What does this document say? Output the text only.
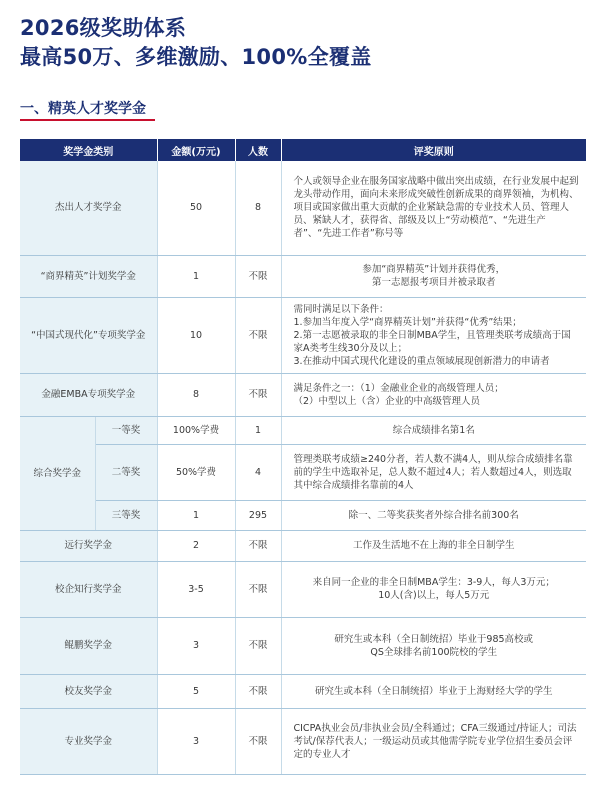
2026级奖助体系
最高50万、多维激励、100%全覆盖
一、精英人才奖学金
奖学金类别		金额(万元)	人数	评奖原则
杰出人才奖学金		50	8	个人或领导企业在服务国家战略中做出突出成绩，在行业发展中起到龙头带动作用，面向未来形成突破性创新成果的商界领袖，为机构、项目或国家做出重大贡献的企业紧缺急需的专业技术人员、管理人员、紧缺人才，获得省、部级及以上“劳动模范”、“先进生产者”、“先进工作者”称号等

“商界精英”计划奖学金		1	不限	参加“商界精英”计划并获得优秀，
第一志愿报考项目并被录取者

“中国式现代化”专项奖学金		10	不限	需同时满足以下条件：
1.参加当年度入学“商界精英计划”并获得“优秀”结果；
2.第一志愿被录取的非全日制MBA学生，且管理类联考成绩高于国家A类考生线30分及以上；
3.在推动中国式现代化建设的重点领域展现创新潜力的申请者

金融EMBA专项奖学金		8	不限	满足条件之一：（1）金融业企业的高级管理人员；
（2）中型以上（含）企业的中高级管理人员

综合奖学金	一等奖	100%学费	1	综合成绩排名第1名

	二等奖	50%学费	4	管理类联考成绩≥240分者，若人数不满4人，则从综合成绩排名靠前的学生中选取补足，总人数不超过4人；若人数超过4人，则选取其中综合成绩排名靠前的4人

	三等奖	1	295	除一、二等奖获奖者外综合排名前300名

远行奖学金		2	不限	工作及生活地不在上海的非全日制学生

校企知行奖学金		3-5	不限	来自同一企业的非全日制MBA学生：3-9人，每人3万元；
10人(含)以上，每人5万元

鲲鹏奖学金		3	不限	研究生或本科（全日制统招）毕业于985高校或
QS全球排名前100院校的学生

校友奖学金		5	不限	研究生或本科（全日制统招）毕业于上海财经大学的学生

专业奖学金		3	不限	CICPA执业会员/非执业会员/全科通过；CFA三级通过/持证人；司法考试/保荐代表人；一级运动员或其他需学院专业学位招生委员会评定的专业人才
